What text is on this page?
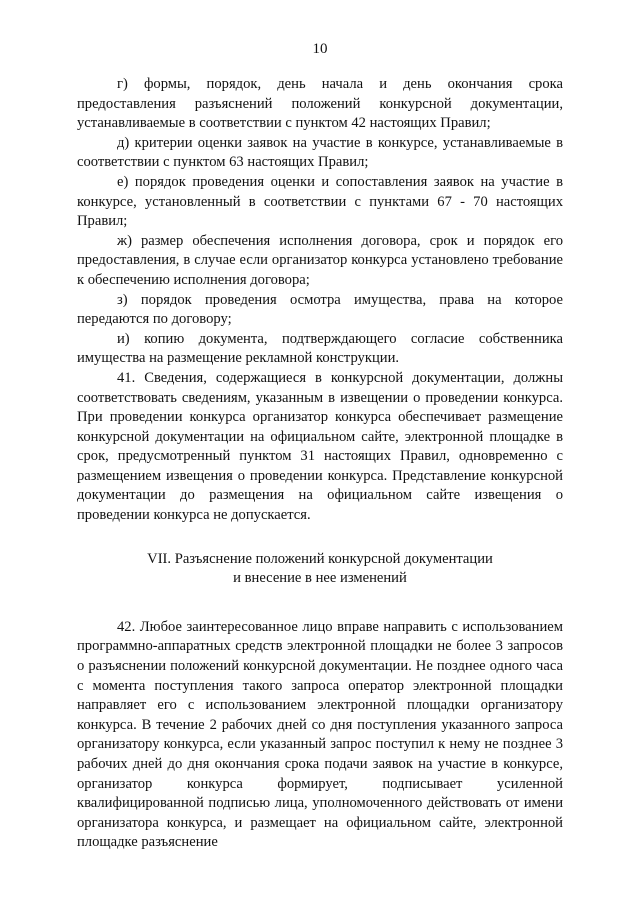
10

г) формы, порядок, день начала и день окончания срока предоставления разъяснений положений конкурсной документации, устанавливаемые в соответствии с пунктом 42 настоящих Правил;

д) критерии оценки заявок на участие в конкурсе, устанавливаемые в соответствии с пунктом 63 настоящих Правил;

е) порядок проведения оценки и сопоставления заявок на участие в конкурсе, установленный в соответствии с пунктами 67 - 70 настоящих Правил;

ж) размер обеспечения исполнения договора, срок и порядок его предоставления, в случае если организатор конкурса установлено требование к обеспечению исполнения договора;

з) порядок проведения осмотра имущества, права на которое передаются по договору;

и) копию документа, подтверждающего согласие собственника имущества на размещение рекламной конструкции.

41. Сведения, содержащиеся в конкурсной документации, должны соответствовать сведениям, указанным в извещении о проведении конкурса. При проведении конкурса организатор конкурса обеспечивает размещение конкурсной документации на официальном сайте, электронной площадке в срок, предусмотренный пунктом 31 настоящих Правил, одновременно с размещением извещения о проведении конкурса. Представление конкурсной документации до размещения на официальном сайте извещения о проведении конкурса не допускается.

VII. Разъяснение положений конкурсной документации
и внесение в нее изменений

42. Любое заинтересованное лицо вправе направить с использованием программно-аппаратных средств электронной площадки не более 3 запросов о разъяснении положений конкурсной документации. Не позднее одного часа с момента поступления такого запроса оператор электронной площадки направляет его с использованием электронной площадки организатору конкурса. В течение 2 рабочих дней со дня поступления указанного запроса организатору конкурса, если указанный запрос поступил к нему не позднее 3 рабочих дней до дня окончания срока подачи заявок на участие в конкурсе, организатор конкурса формирует, подписывает усиленной квалифицированной подписью лица, уполномоченного действовать от имени организатора конкурса, и размещает на официальном сайте, электронной площадке разъяснение
